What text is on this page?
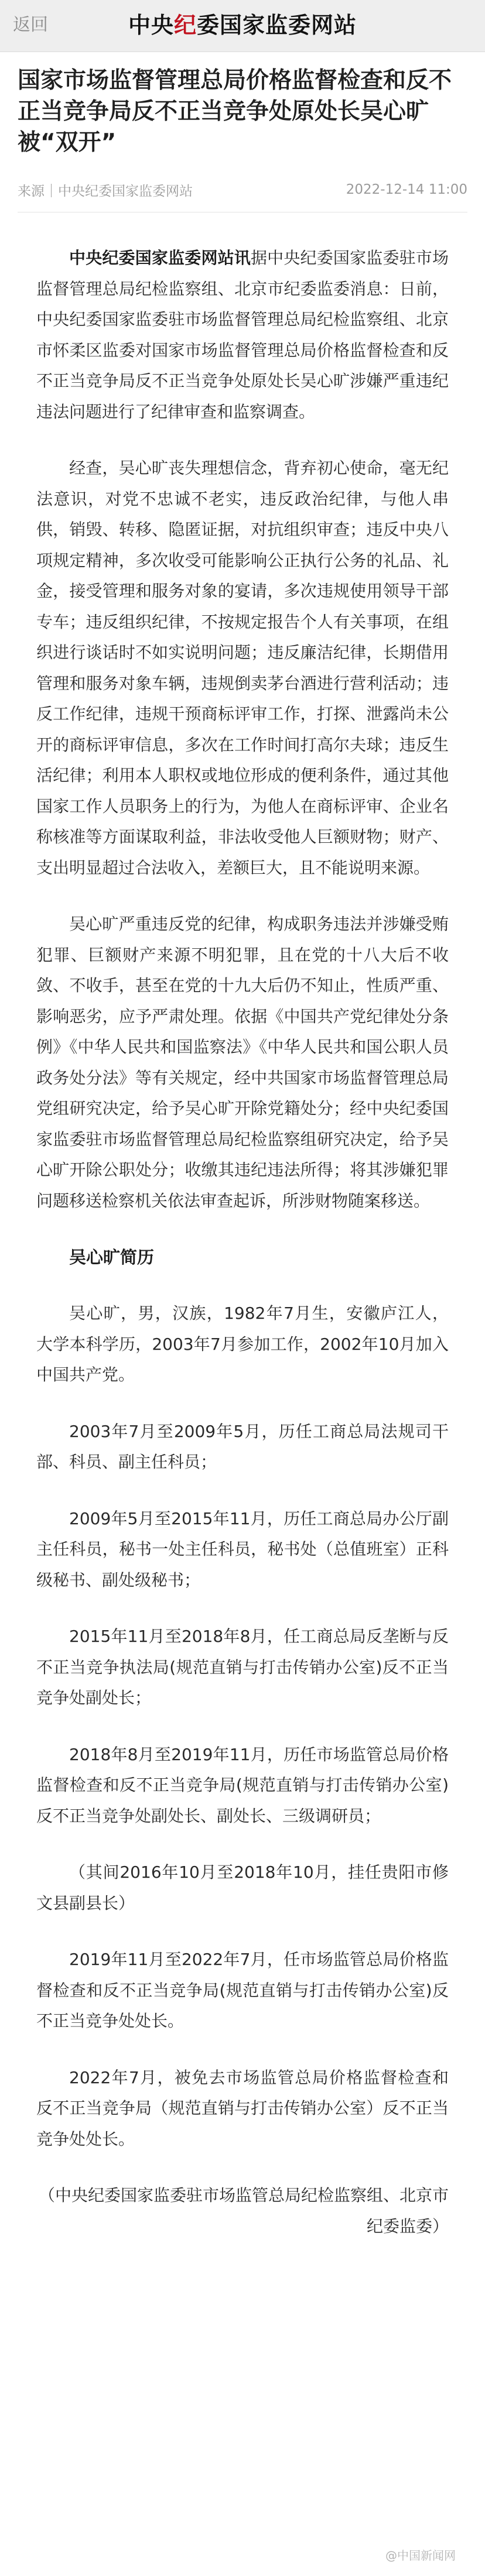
返回	中央纪委国家监委网站
国家市场监督管理总局价格监督检查和反不正当竞争局反不正当竞争处原处长吴心旷被“双开”
来源｜中央纪委国家监委网站	2022-12-14 11:00

中央纪委国家监委网站讯据中央纪委国家监委驻市场监督管理总局纪检监察组、北京市纪委监委消息：日前，中央纪委国家监委驻市场监督管理总局纪检监察组、北京市怀柔区监委对国家市场监督管理总局价格监督检查和反不正当竞争局反不正当竞争处原处长吴心旷涉嫌严重违纪违法问题进行了纪律审查和监察调查。

经查，吴心旷丧失理想信念，背弃初心使命，毫无纪法意识，对党不忠诚不老实，违反政治纪律，与他人串供，销毁、转移、隐匿证据，对抗组织审查；违反中央八项规定精神，多次收受可能影响公正执行公务的礼品、礼金，接受管理和服务对象的宴请，多次违规使用领导干部专车；违反组织纪律，不按规定报告个人有关事项，在组织进行谈话时不如实说明问题；违反廉洁纪律，长期借用管理和服务对象车辆，违规倒卖茅台酒进行营利活动；违反工作纪律，违规干预商标评审工作，打探、泄露尚未公开的商标评审信息，多次在工作时间打高尔夫球；违反生活纪律；利用本人职权或地位形成的便利条件，通过其他国家工作人员职务上的行为，为他人在商标评审、企业名称核准等方面谋取利益，非法收受他人巨额财物；财产、支出明显超过合法收入，差额巨大，且不能说明来源。

吴心旷严重违反党的纪律，构成职务违法并涉嫌受贿犯罪、巨额财产来源不明犯罪，且在党的十八大后不收敛、不收手，甚至在党的十九大后仍不知止，性质严重、影响恶劣，应予严肃处理。依据《中国共产党纪律处分条例》《中华人民共和国监察法》《中华人民共和国公职人员政务处分法》等有关规定，经中共国家市场监督管理总局党组研究决定，给予吴心旷开除党籍处分；经中央纪委国家监委驻市场监督管理总局纪检监察组研究决定，给予吴心旷开除公职处分；收缴其违纪违法所得；将其涉嫌犯罪问题移送检察机关依法审查起诉，所涉财物随案移送。

吴心旷简历

吴心旷，男，汉族，1982年7月生，安徽庐江人，大学本科学历，2003年7月参加工作，2002年10月加入中国共产党。

2003年7月至2009年5月，历任工商总局法规司干部、科员、副主任科员；

2009年5月至2015年11月，历任工商总局办公厅副主任科员，秘书一处主任科员，秘书处（总值班室）正科级秘书、副处级秘书；

2015年11月至2018年8月，任工商总局反垄断与反不正当竞争执法局(规范直销与打击传销办公室)反不正当竞争处副处长；

2018年8月至2019年11月，历任市场监管总局价格监督检查和反不正当竞争局(规范直销与打击传销办公室)反不正当竞争处副处长、副处长、三级调研员；

（其间2016年10月至2018年10月，挂任贵阳市修文县副县长）

2019年11月至2022年7月，任市场监管总局价格监督检查和反不正当竞争局(规范直销与打击传销办公室)反不正当竞争处处长。

2022年7月，被免去市场监管总局价格监督检查和反不正当竞争局（规范直销与打击传销办公室）反不正当竞争处处长。

（中央纪委国家监委驻市场监管总局纪检监察组、北京市纪委监委）

@中国新闻网
